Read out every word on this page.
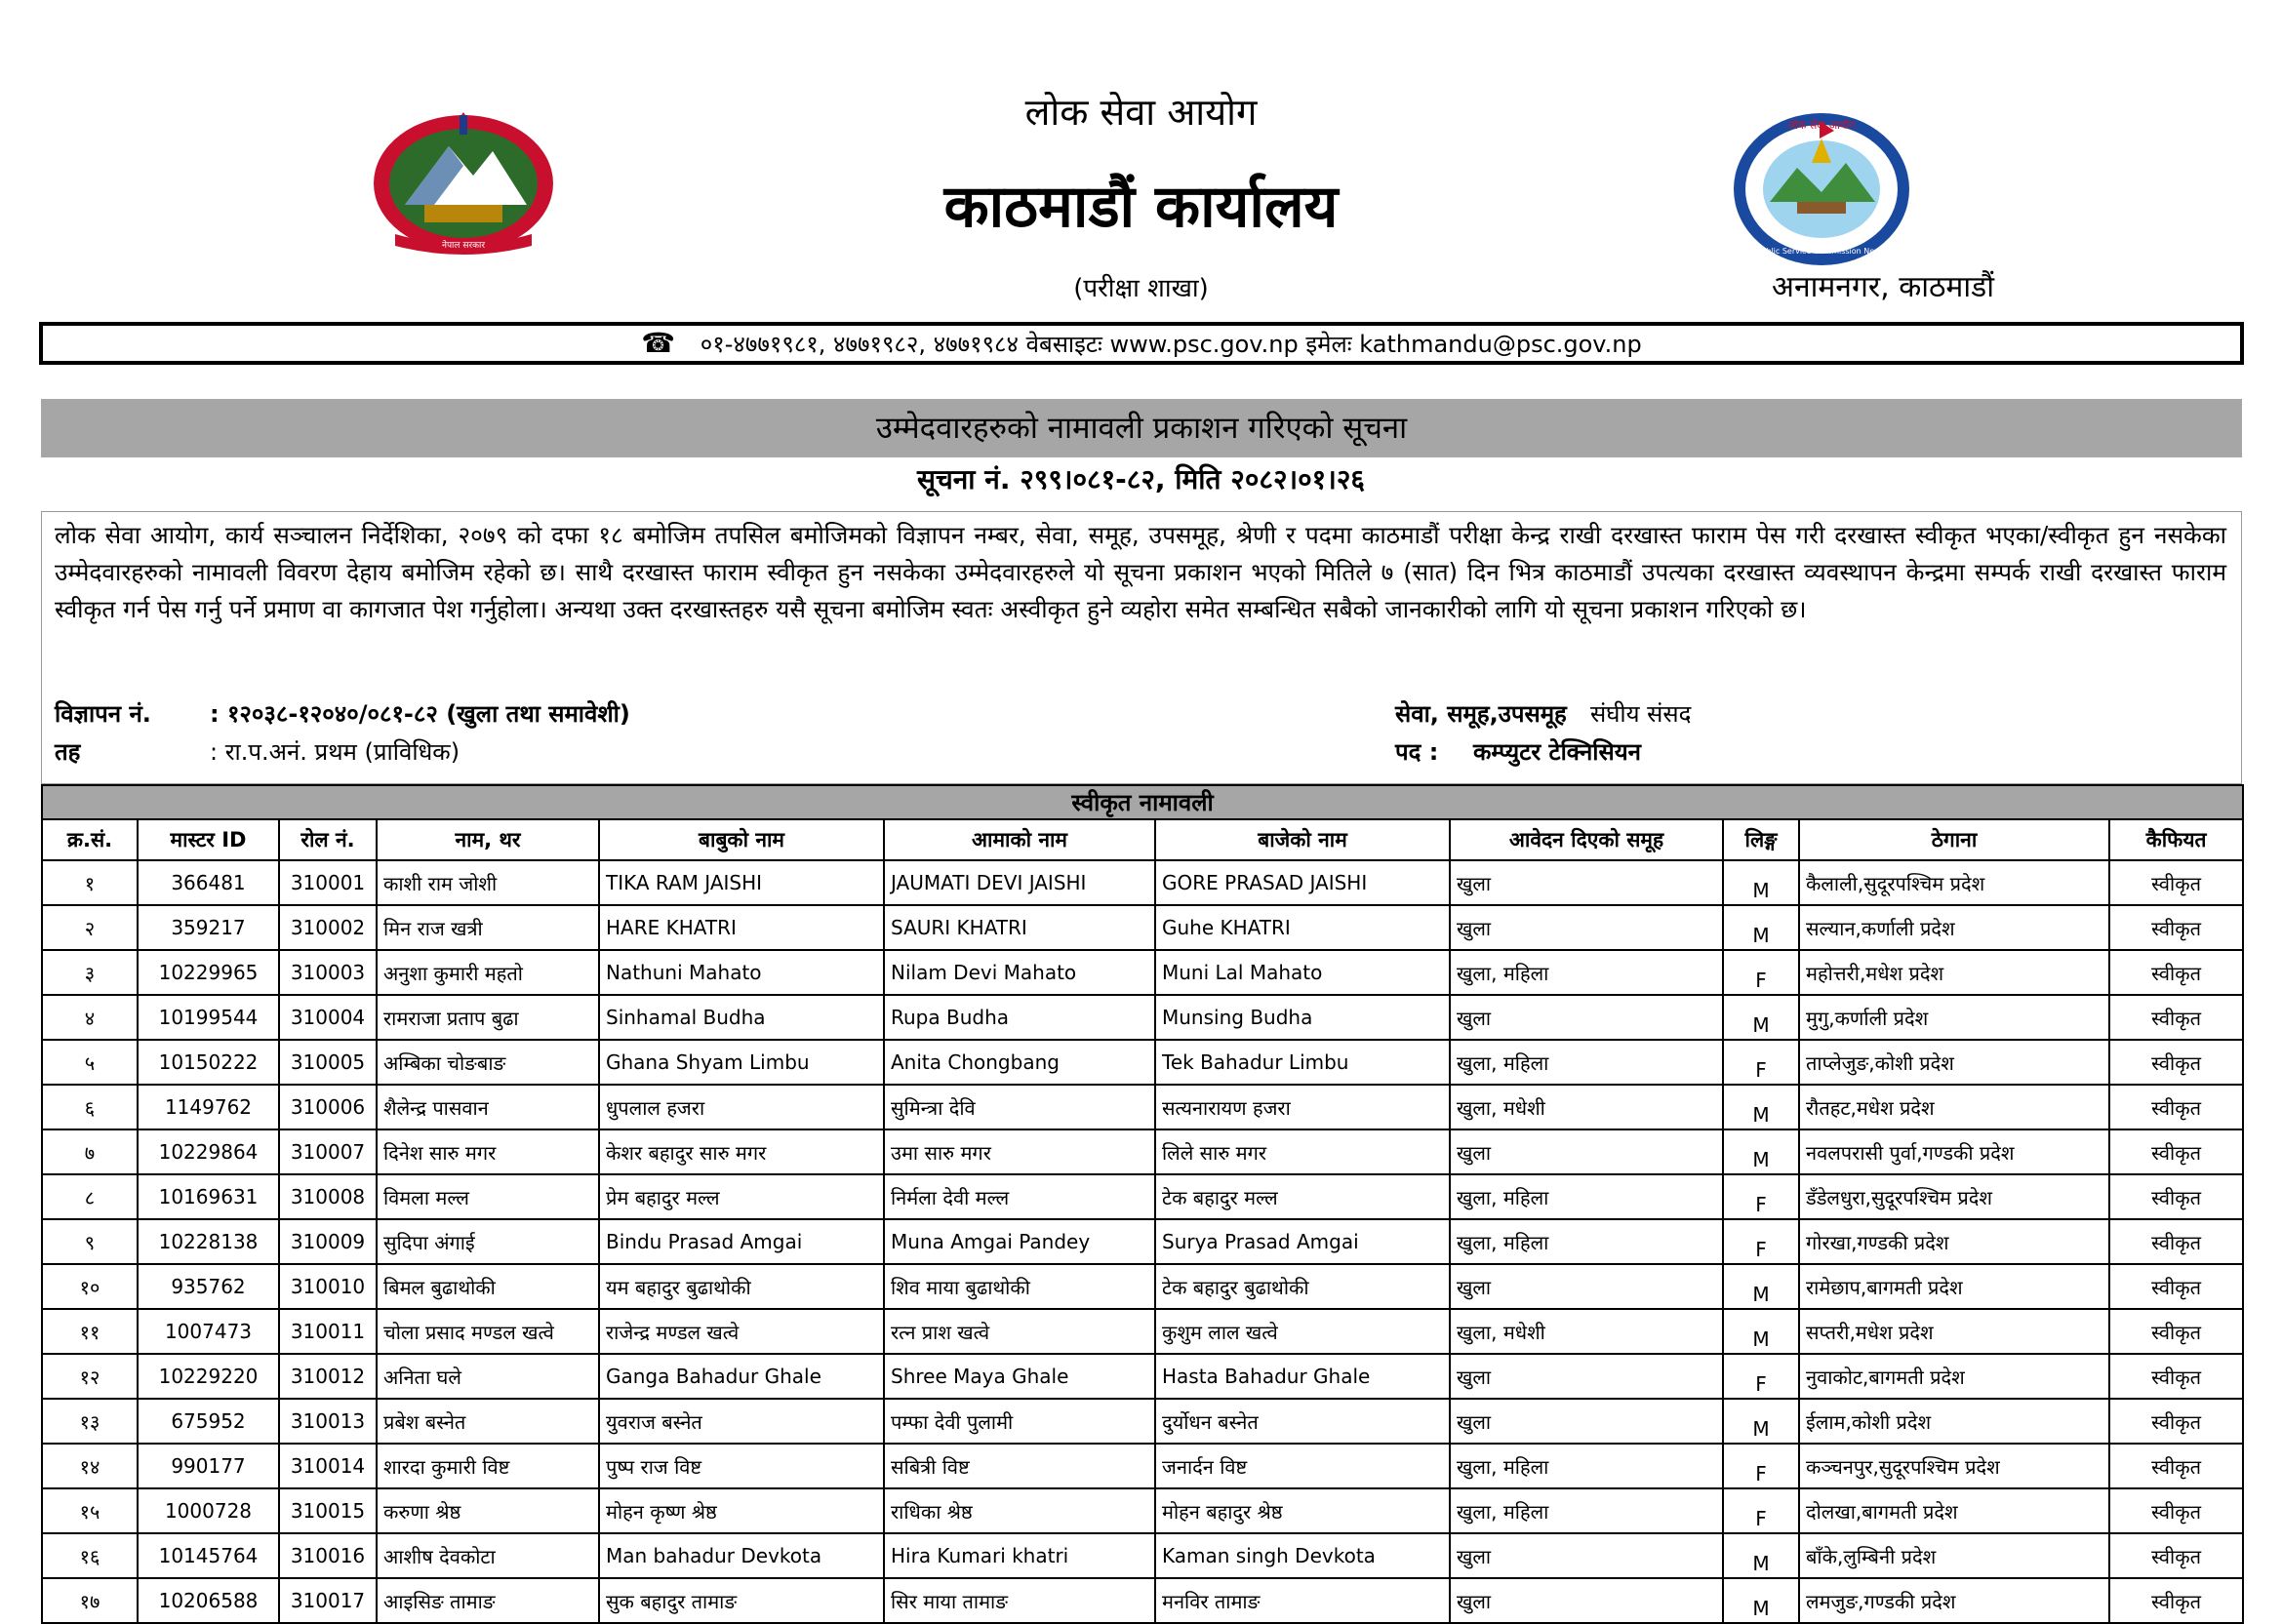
नेपाल सरकार
लोक सेवा आयोग
काठमाडौं कार्यालय
(परीक्षा शाखा)
लोक सेवा आयोग
Public Service Commission Nepal
अनामनगर, काठमाडौं
☎ ०१-४७७१९८१, ४७७१९८२, ४७७१९८४ वेबसाइटः www.psc.gov.np इमेलः kathmandu@psc.gov.np
उम्मेदवारहरुको नामावली प्रकाशन गरिएको सूचना
सूचना नं. २९९।०८१-८२, मिति २०८२।०१।२६
लोक सेवा आयोग, कार्य सञ्चालन निर्देशिका, २०७९ को दफा १८ बमोजिम तपसिल बमोजिमको विज्ञापन नम्बर, सेवा, समूह, उपसमूह, श्रेणी र पदमा काठमाडौं परीक्षा केन्द्र राखी दरखास्त फाराम पेस गरी दरखास्त स्वीकृत भएका/स्वीकृत हुन नसकेका उम्मेदवारहरुको नामावली विवरण देहाय बमोजिम रहेको छ। साथै दरखास्त फाराम स्वीकृत हुन नसकेका उम्मेदवारहरुले यो सूचना प्रकाशन भएको मितिले ७ (सात) दिन भित्र काठमाडौं उपत्यका दरखास्त व्यवस्थापन केन्द्रमा सम्पर्क राखी दरखास्त फाराम स्वीकृत गर्न पेस गर्नु पर्ने प्रमाण वा कागजात पेश गर्नुहोला। अन्यथा उक्त दरखास्तहरु यसै सूचना बमोजिम स्वतः अस्वीकृत हुने व्यहोरा समेत सम्बन्धित सबैको जानकारीको लागि यो सूचना प्रकाशन गरिएको छ।
विज्ञापन नं.	: १२०३८-१२०४०/०८१-८२ (खुला तथा समावेशी)
तह	: रा.प.अनं. प्रथम (प्राविधिक)
सेवा, समूह,उपसमूह संघीय संसद
पद : कम्प्युटर टेक्निसियन
स्वीकृत नामावली										
क्र.सं.	मास्टर ID	रोल नं.	नाम, थर	बाबुको नाम	आमाको नाम	बाजेको नाम	आवेदन दिएको समूह	लिङ्ग	ठेगाना	कैफियत
१	366481	310001	काशी राम जोशी	TIKA RAM JAISHI	JAUMATI DEVI JAISHI	GORE PRASAD JAISHI	खुला	M	कैलाली,सुदूरपश्चिम प्रदेश	स्वीकृत
२	359217	310002	मिन राज खत्री	HARE KHATRI	SAURI KHATRI	Guhe KHATRI	खुला	M	सल्यान,कर्णाली प्रदेश	स्वीकृत
३	10229965	310003	अनुशा कुमारी महतो	Nathuni Mahato	Nilam Devi Mahato	Muni Lal Mahato	खुला, महिला	F	महोत्तरी,मधेश प्रदेश	स्वीकृत
४	10199544	310004	रामराजा प्रताप बुढा	Sinhamal Budha	Rupa Budha	Munsing Budha	खुला	M	मुगु,कर्णाली प्रदेश	स्वीकृत
५	10150222	310005	अम्बिका चोङबाङ	Ghana Shyam Limbu	Anita Chongbang	Tek Bahadur Limbu	खुला, महिला	F	ताप्लेजुङ,कोशी प्रदेश	स्वीकृत
६	1149762	310006	शैलेन्द्र पासवान	धुपलाल हजरा	सुमिन्त्रा देवि	सत्यनारायण हजरा	खुला, मधेशी	M	रौतहट,मधेश प्रदेश	स्वीकृत
७	10229864	310007	दिनेश सारु मगर	केशर बहादुर सारु मगर	उमा सारु मगर	लिले सारु मगर	खुला	M	नवलपरासी पुर्वा,गण्डकी प्रदेश	स्वीकृत
८	10169631	310008	विमला मल्ल	प्रेम बहादुर मल्ल	निर्मला देवी मल्ल	टेक बहादुर मल्ल	खुला, महिला	F	डँडेलधुरा,सुदूरपश्चिम प्रदेश	स्वीकृत
९	10228138	310009	सुदिपा अंगाई	Bindu Prasad Amgai	Muna Amgai Pandey	Surya Prasad Amgai	खुला, महिला	F	गोरखा,गण्डकी प्रदेश	स्वीकृत
१०	935762	310010	बिमल बुढाथोकी	यम बहादुर बुढाथोकी	शिव माया बुढाथोकी	टेक बहादुर बुढाथोकी	खुला	M	रामेछाप,बागमती प्रदेश	स्वीकृत
११	1007473	310011	चोला प्रसाद मण्डल खत्वे	राजेन्द्र मण्डल खत्वे	रत्न प्राश खत्वे	कुशुम लाल खत्वे	खुला, मधेशी	M	सप्तरी,मधेश प्रदेश	स्वीकृत
१२	10229220	310012	अनिता घले	Ganga Bahadur Ghale	Shree Maya Ghale	Hasta Bahadur Ghale	खुला	F	नुवाकोट,बागमती प्रदेश	स्वीकृत
१३	675952	310013	प्रबेश बस्नेत	युवराज बस्नेत	पम्फा देवी पुलामी	दुर्योधन बस्नेत	खुला	M	ईलाम,कोशी प्रदेश	स्वीकृत
१४	990177	310014	शारदा कुमारी विष्ट	पुष्प राज विष्ट	सबित्री विष्ट	जनार्दन विष्ट	खुला, महिला	F	कञ्चनपुर,सुदूरपश्चिम प्रदेश	स्वीकृत
१५	1000728	310015	करुणा श्रेष्ठ	मोहन कृष्ण श्रेष्ठ	राधिका श्रेष्ठ	मोहन बहादुर श्रेष्ठ	खुला, महिला	F	दोलखा,बागमती प्रदेश	स्वीकृत
१६	10145764	310016	आशीष देवकोटा	Man bahadur Devkota	Hira Kumari khatri	Kaman singh Devkota	खुला	M	बाँके,लुम्बिनी प्रदेश	स्वीकृत
१७	10206588	310017	आइसिङ तामाङ	सुक बहादुर तामाङ	सिर माया तामाङ	मनविर तामाङ	खुला	M	लमजुङ,गण्डकी प्रदेश	स्वीकृत
